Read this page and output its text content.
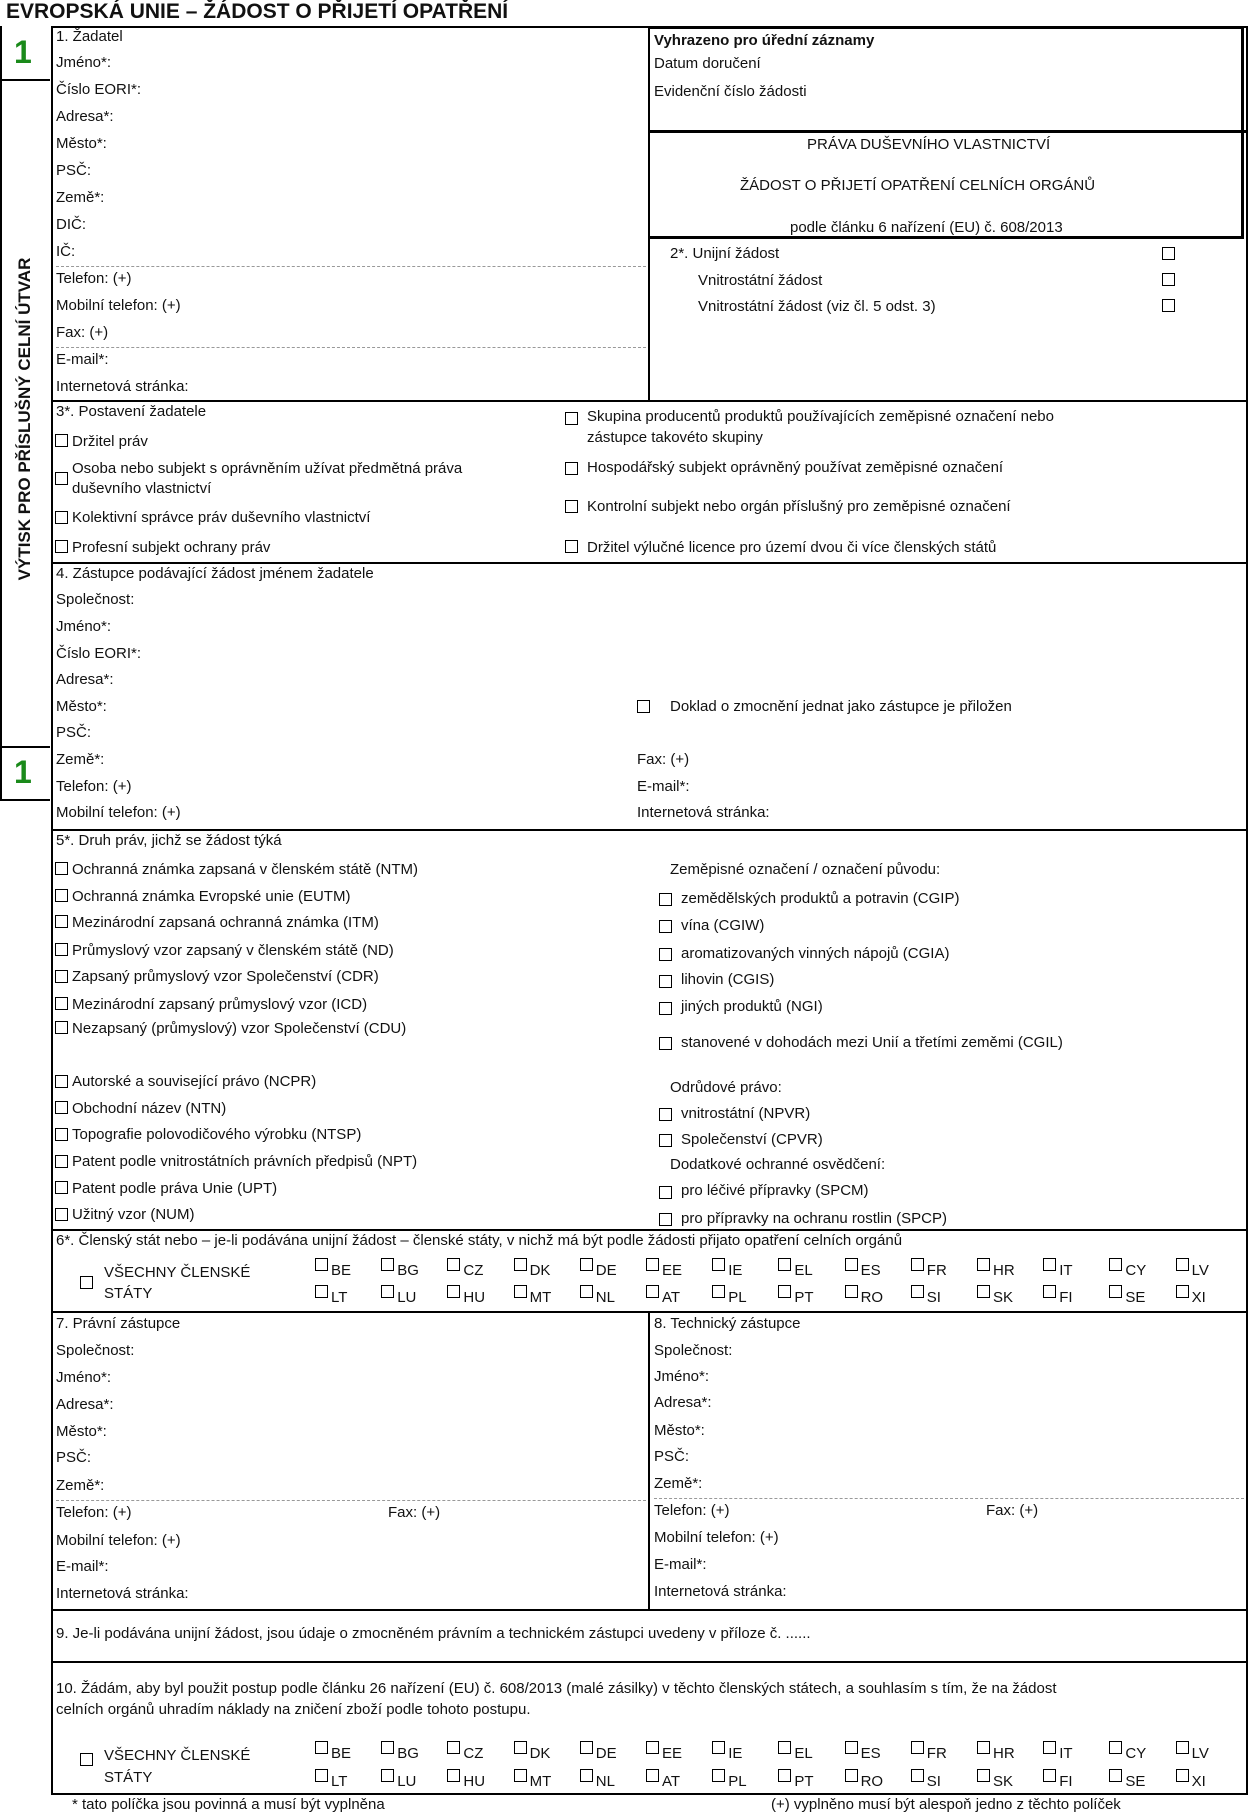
EVROPSKÁ UNIE – ŽÁDOST O PŘIJETÍ OPATŘENÍ
1
1
VÝTISK PRO PŘÍSLUŠNÝ CELNÍ ÚTVAR
1. Žadatel
Jméno*:
Číslo EORI*:
Adresa*:
Město*:
PSČ:
Země*:
DIČ:
IČ:
Telefon: (+)
Mobilní telefon: (+)
Fax: (+)
E-mail*:
Internetová stránka:
Vyhrazeno pro úřední záznamy
Datum doručení
Evidenční číslo žádosti
PRÁVA DUŠEVNÍHO VLASTNICTVÍ
ŽÁDOST O PŘIJETÍ OPATŘENÍ CELNÍCH ORGÁNŮ
podle článku 6 nařízení (EU) č. 608/2013
2*. Unijní žádost
Vnitrostátní žádost
Vnitrostátní žádost (viz čl. 5 odst. 3)
3*. Postavení žadatele
Držitel práv
Osoba nebo subjekt s oprávněním užívat předmětná práva
duševního vlastnictví
Kolektivní správce práv duševního vlastnictví
Profesní subjekt ochrany práv
Skupina producentů produktů používajících zeměpisné označení nebo
zástupce takovéto skupiny
Hospodářský subjekt oprávněný používat zeměpisné označení
Kontrolní subjekt nebo orgán příslušný pro zeměpisné označení
Držitel výlučné licence pro území dvou či více členských států
4. Zástupce podávající žádost jménem žadatele
Společnost:
Jméno*:
Číslo EORI*:
Adresa*:
Město*:
PSČ:
Země*:
Telefon: (+)
Mobilní telefon: (+)
Doklad o zmocnění jednat jako zástupce je přiložen
Fax: (+)
E-mail*:
Internetová stránka:
5*. Druh práv, jichž se žádost týká
Ochranná známka zapsaná v členském státě (NTM)
Ochranná známka Evropské unie (EUTM)
Mezinárodní zapsaná ochranná známka (ITM)
Průmyslový vzor zapsaný v členském státě (ND)
Zapsaný průmyslový vzor Společenství (CDR)
Mezinárodní zapsaný průmyslový vzor (ICD)
Nezapsaný (průmyslový) vzor Společenství (CDU)
Autorské a související právo (NCPR)
Obchodní název (NTN)
Topografie polovodičového výrobku (NTSP)
Patent podle vnitrostátních právních předpisů (NPT)
Patent podle práva Unie (UPT)
Užitný vzor (NUM)
Zeměpisné označení / označení původu:
zemědělských produktů a potravin (CGIP)
vína (CGIW)
aromatizovaných vinných nápojů (CGIA)
lihovin (CGIS)
jiných produktů (NGI)
stanovené v dohodách mezi Unií a třetími zeměmi (CGIL)
Odrůdové právo:
vnitrostátní (NPVR)
Společenství (CPVR)
Dodatkové ochranné osvědčení:
pro léčivé přípravky (SPCM)
pro přípravky na ochranu rostlin (SPCP)
6*. Členský stát nebo – je-li podávána unijní žádost – členské státy, v nichž má být podle žádosti přijato opatření celních orgánů
VŠECHNY ČLENSKÉ
STÁTY
BE	BG	CZ	DK	DE	EE	IE	EL	ES	FR	HR	IT	CY	LV
LT	LU	HU	MT	NL	AT	PL	PT	RO	SI	SK	FI	SE	XI
7. Právní zástupce
Společnost:
Jméno*:
Adresa*:
Město*:
PSČ:
Země*:
Telefon: (+)	Fax: (+)
Mobilní telefon: (+)
E-mail*:
Internetová stránka:
8. Technický zástupce
Společnost:
Jméno*:
Adresa*:
Město*:
PSČ:
Země*:
Telefon: (+)	Fax: (+)
Mobilní telefon: (+)
E-mail*:
Internetová stránka:
9. Je-li podávána unijní žádost, jsou údaje o zmocněném právním a technickém zástupci uvedeny v příloze č. ......
10. Žádám, aby byl použit postup podle článku 26 nařízení (EU) č. 608/2013 (malé zásilky) v těchto členských státech, a souhlasím s tím, že na žádost
celních orgánů uhradím náklady na zničení zboží podle tohoto postupu.
VŠECHNY ČLENSKÉ
STÁTY
BE	BG	CZ	DK	DE	EE	IE	EL	ES	FR	HR	IT	CY	LV
LT	LU	HU	MT	NL	AT	PL	PT	RO	SI	SK	FI	SE	XI
* tato políčka jsou povinná a musí být vyplněna	(+) vyplněno musí být alespoň jedno z těchto políček
